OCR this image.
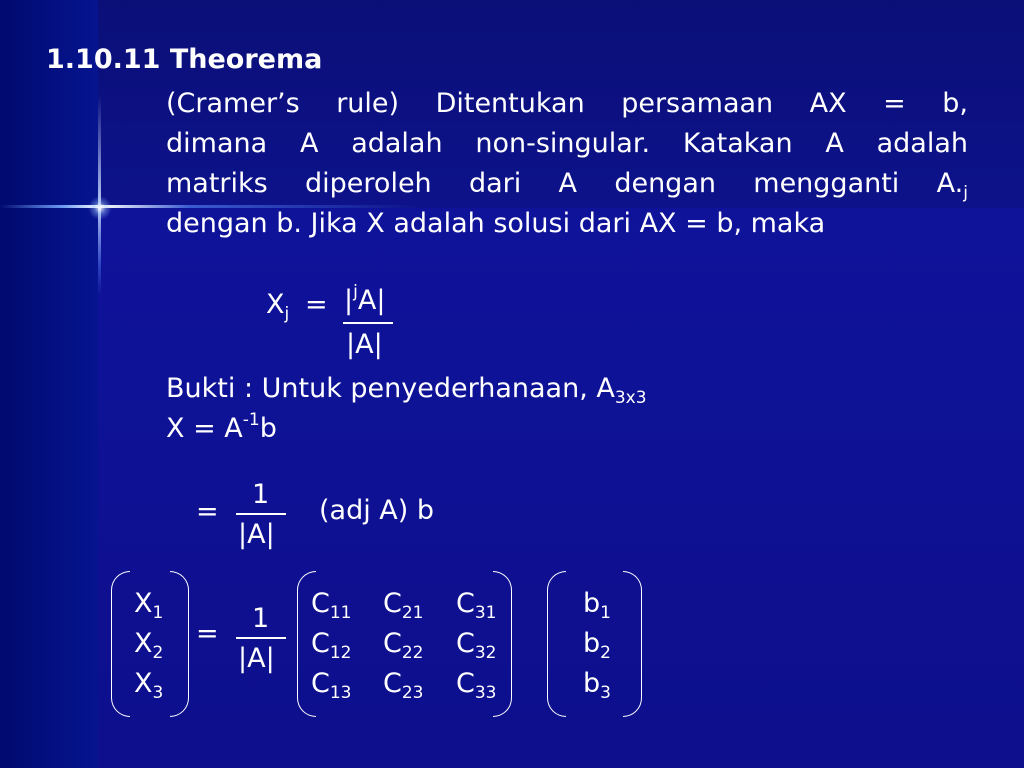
1.10.11 Theorema
(Cramer’s rule) Ditentukan persamaan AX = b,
dimana A adalah non-singular. Katakan A adalah
matriks diperoleh dari A dengan mengganti $A._j$
dengan b. Jika X adalah solusi dari AX = b, maka
$X_j = |^jA|$
|A|
Bukti : Untuk penyederhanaan, $A_{3x3}$
$X = A^{-1}b$
=
1
|A|
(adj A) b
$X_1$
$X_2$
$X_3$
= 1
|A|
$C_{11}$ $C_{21}$ $C_{31}$
$C_{12}$ $C_{22}$ $C_{32}$
$C_{13}$ $C_{23}$ $C_{33}$
$b_1$
$b_2$
$b_3$
